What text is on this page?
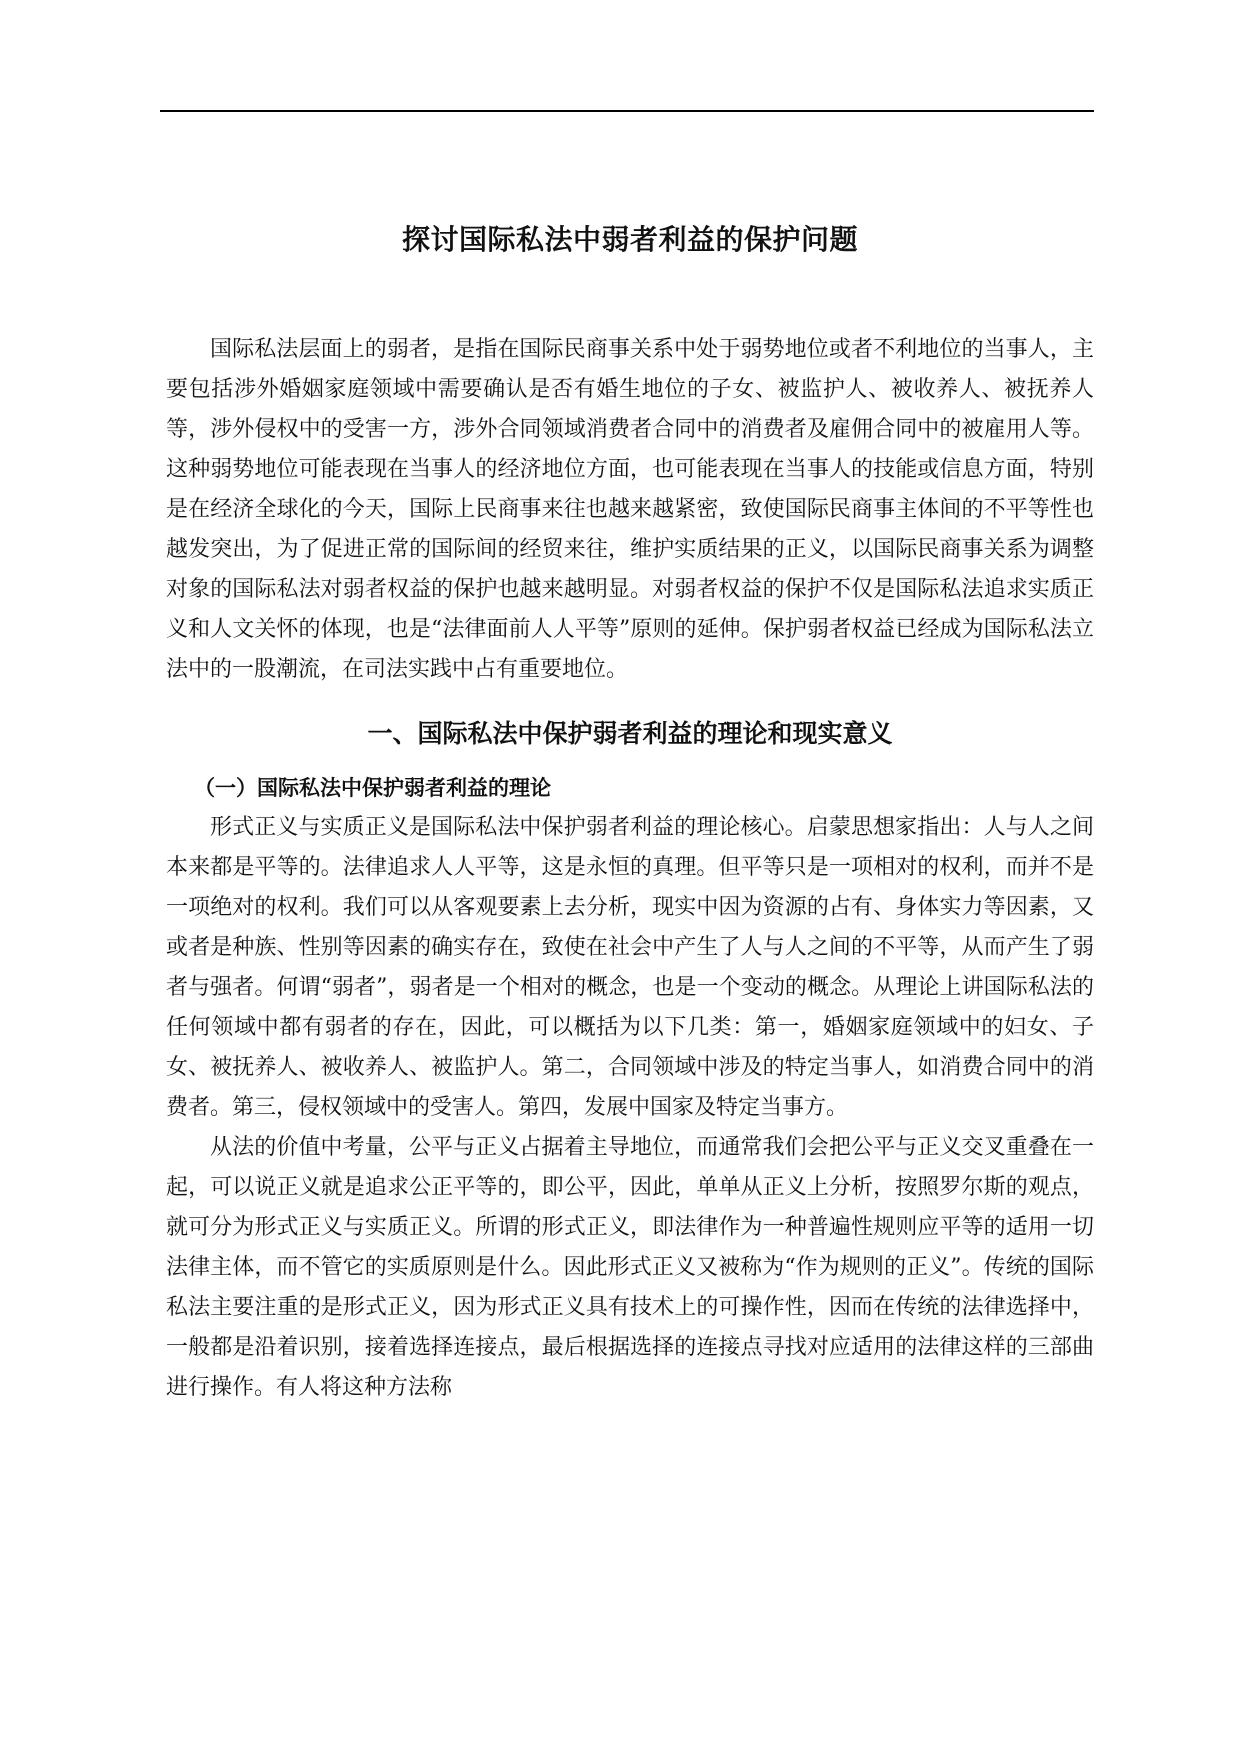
探讨国际私法中弱者利益的保护问题

国际私法层面上的弱者，是指在国际民商事关系中处于弱势地位或者不利地位的当事人，主要包括涉外婚姻家庭领域中需要确认是否有婚生地位的子女、被监护人、被收养人、被抚养人等，涉外侵权中的受害一方，涉外合同领域消费者合同中的消费者及雇佣合同中的被雇用人等。这种弱势地位可能表现在当事人的经济地位方面，也可能表现在当事人的技能或信息方面，特别是在经济全球化的今天，国际上民商事来往也越来越紧密，致使国际民商事主体间的不平等性也越发突出，为了促进正常的国际间的经贸来往，维护实质结果的正义，以国际民商事关系为调整对象的国际私法对弱者权益的保护也越来越明显。对弱者权益的保护不仅是国际私法追求实质正义和人文关怀的体现，也是“法律面前人人平等”原则的延伸。保护弱者权益已经成为国际私法立法中的一股潮流，在司法实践中占有重要地位。

一、国际私法中保护弱者利益的理论和现实意义
（一）国际私法中保护弱者利益的理论

形式正义与实质正义是国际私法中保护弱者利益的理论核心。启蒙思想家指出：人与人之间本来都是平等的。法律追求人人平等，这是永恒的真理。但平等只是一项相对的权利，而并不是一项绝对的权利。我们可以从客观要素上去分析，现实中因为资源的占有、身体实力等因素，又或者是种族、性别等因素的确实存在，致使在社会中产生了人与人之间的不平等，从而产生了弱者与强者。何谓“弱者”，弱者是一个相对的概念，也是一个变动的概念。从理论上讲国际私法的任何领域中都有弱者的存在，因此，可以概括为以下几类：第一，婚姻家庭领域中的妇女、子女、被抚养人、被收养人、被监护人。第二，合同领域中涉及的特定当事人，如消费合同中的消费者。第三，侵权领域中的受害人。第四，发展中国家及特定当事方。

从法的价值中考量，公平与正义占据着主导地位，而通常我们会把公平与正义交叉重叠在一起，可以说正义就是追求公正平等的，即公平，因此，单单从正义上分析，按照罗尔斯的观点，就可分为形式正义与实质正义。所谓的形式正义，即法律作为一种普遍性规则应平等的适用一切法律主体，而不管它的实质原则是什么。因此形式正义又被称为“作为规则的正义”。传统的国际私法主要注重的是形式正义，因为形式正义具有技术上的可操作性，因而在传统的法律选择中，一般都是沿着识别，接着选择连接点，最后根据选择的连接点寻找对应适用的法律这样的三部曲进行操作。有人将这种方法称
